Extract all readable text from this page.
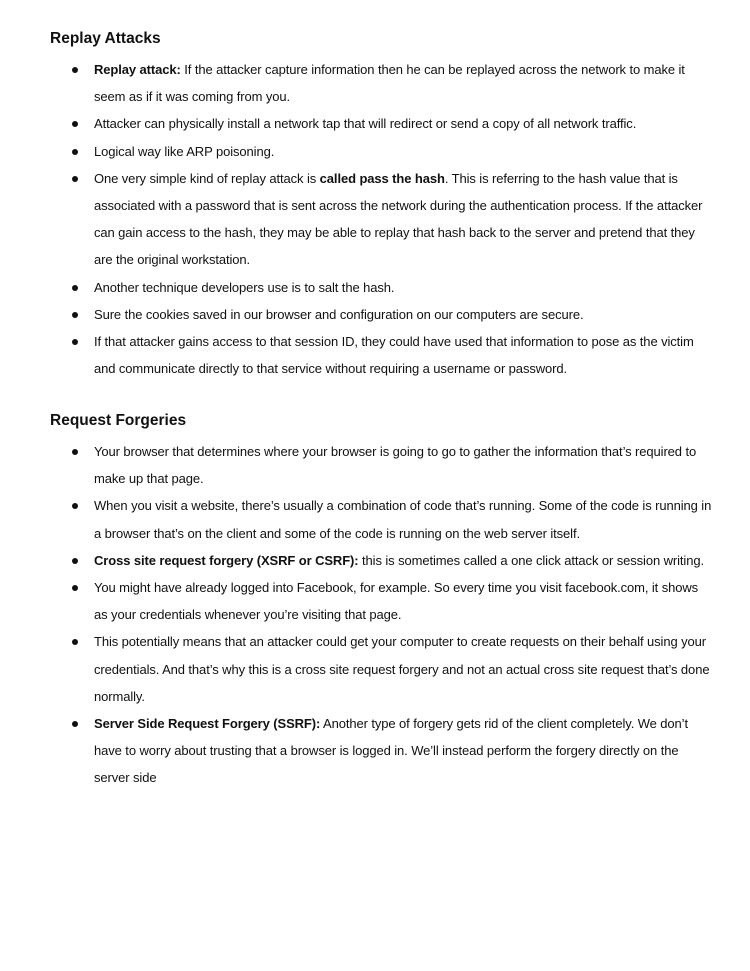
Replay Attacks
Replay attack: If the attacker capture information then he can be replayed across the network to make it seem as if it was coming from you.
Attacker can physically install a network tap that will redirect or send a copy of all network traffic.
Logical way like ARP poisoning.
One very simple kind of replay attack is called pass the hash. This is referring to the hash value that is associated with a password that is sent across the network during the authentication process. If the attacker can gain access to the hash, they may be able to replay that hash back to the server and pretend that they are the original workstation.
Another technique developers use is to salt the hash.
Sure the cookies saved in our browser and configuration on our computers are secure.
If that attacker gains access to that session ID, they could have used that information to pose as the victim and communicate directly to that service without requiring a username or password.
Request Forgeries
Your browser that determines where your browser is going to go to gather the information that’s required to make up that page.
When you visit a website, there’s usually a combination of code that’s running. Some of the code is running in a browser that’s on the client and some of the code is running on the web server itself.
Cross site request forgery (XSRF or CSRF): this is sometimes called a one click attack or session writing.
You might have already logged into Facebook, for example. So every time you visit facebook.com, it shows as your credentials whenever you’re visiting that page.
This potentially means that an attacker could get your computer to create requests on their behalf using your credentials. And that’s why this is a cross site request forgery and not an actual cross site request that’s done normally.
Server Side Request Forgery (SSRF): Another type of forgery gets rid of the client completely. We don’t have to worry about trusting that a browser is logged in. We’ll instead perform the forgery directly on the server side
